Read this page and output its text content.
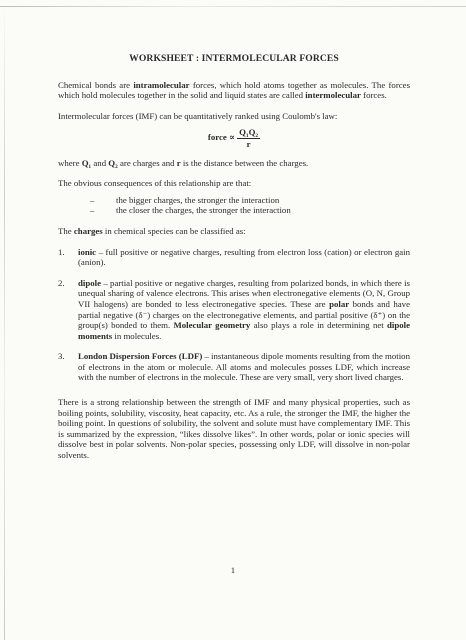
WORKSHEET : INTERMOLECULAR FORCES

Chemical bonds are intramolecular forces, which hold atoms together as molecules. The forces which hold molecules together in the solid and liquid states are called intermolecular forces.

Intermolecular forces (IMF) can be quantitatively ranked using Coulomb's law:

force ∝ $\frac{\text{Q₁Q₂}}{r}$

where Q₁ and Q₂ are charges and r is the distance between the charges.

The obvious consequences of this relationship are that:

– the bigger charges, the stronger the interaction
– the closer the charges, the stronger the interaction

The charges in chemical species can be classified as:

1. ionic – full positive or negative charges, resulting from electron loss (cation) or electron gain (anion).
2. dipole – partial positive or negative charges, resulting from polarized bonds, in which there is unequal sharing of valence electrons. This arises when electronegative elements (O, N, Group VII halogens) are bonded to less electronegative species. These are polar bonds and have partial negative (δ⁻) charges on the electronegative elements, and partial positive (δ⁺) on the group(s) bonded to them. Molecular geometry also plays a role in determining net dipole moments in molecules.
3. London Dispersion Forces (LDF) – instantaneous dipole moments resulting from the motion of electrons in the atom or molecule. All atoms and molecules posses LDF, which increase with the number of electrons in the molecule. These are very small, very short lived charges.

There is a strong relationship between the strength of IMF and many physical properties, such as boiling points, solubility, viscosity, heat capacity, etc. As a rule, the stronger the IMF, the higher the boiling point. In questions of solubility, the solvent and solute must have complementary IMF. This is summarized by the expression, “likes dissolve likes”. In other words, polar or ionic species will dissolve best in polar solvents. Non-polar species, possessing only LDF, will dissolve in non-polar solvents.

1
